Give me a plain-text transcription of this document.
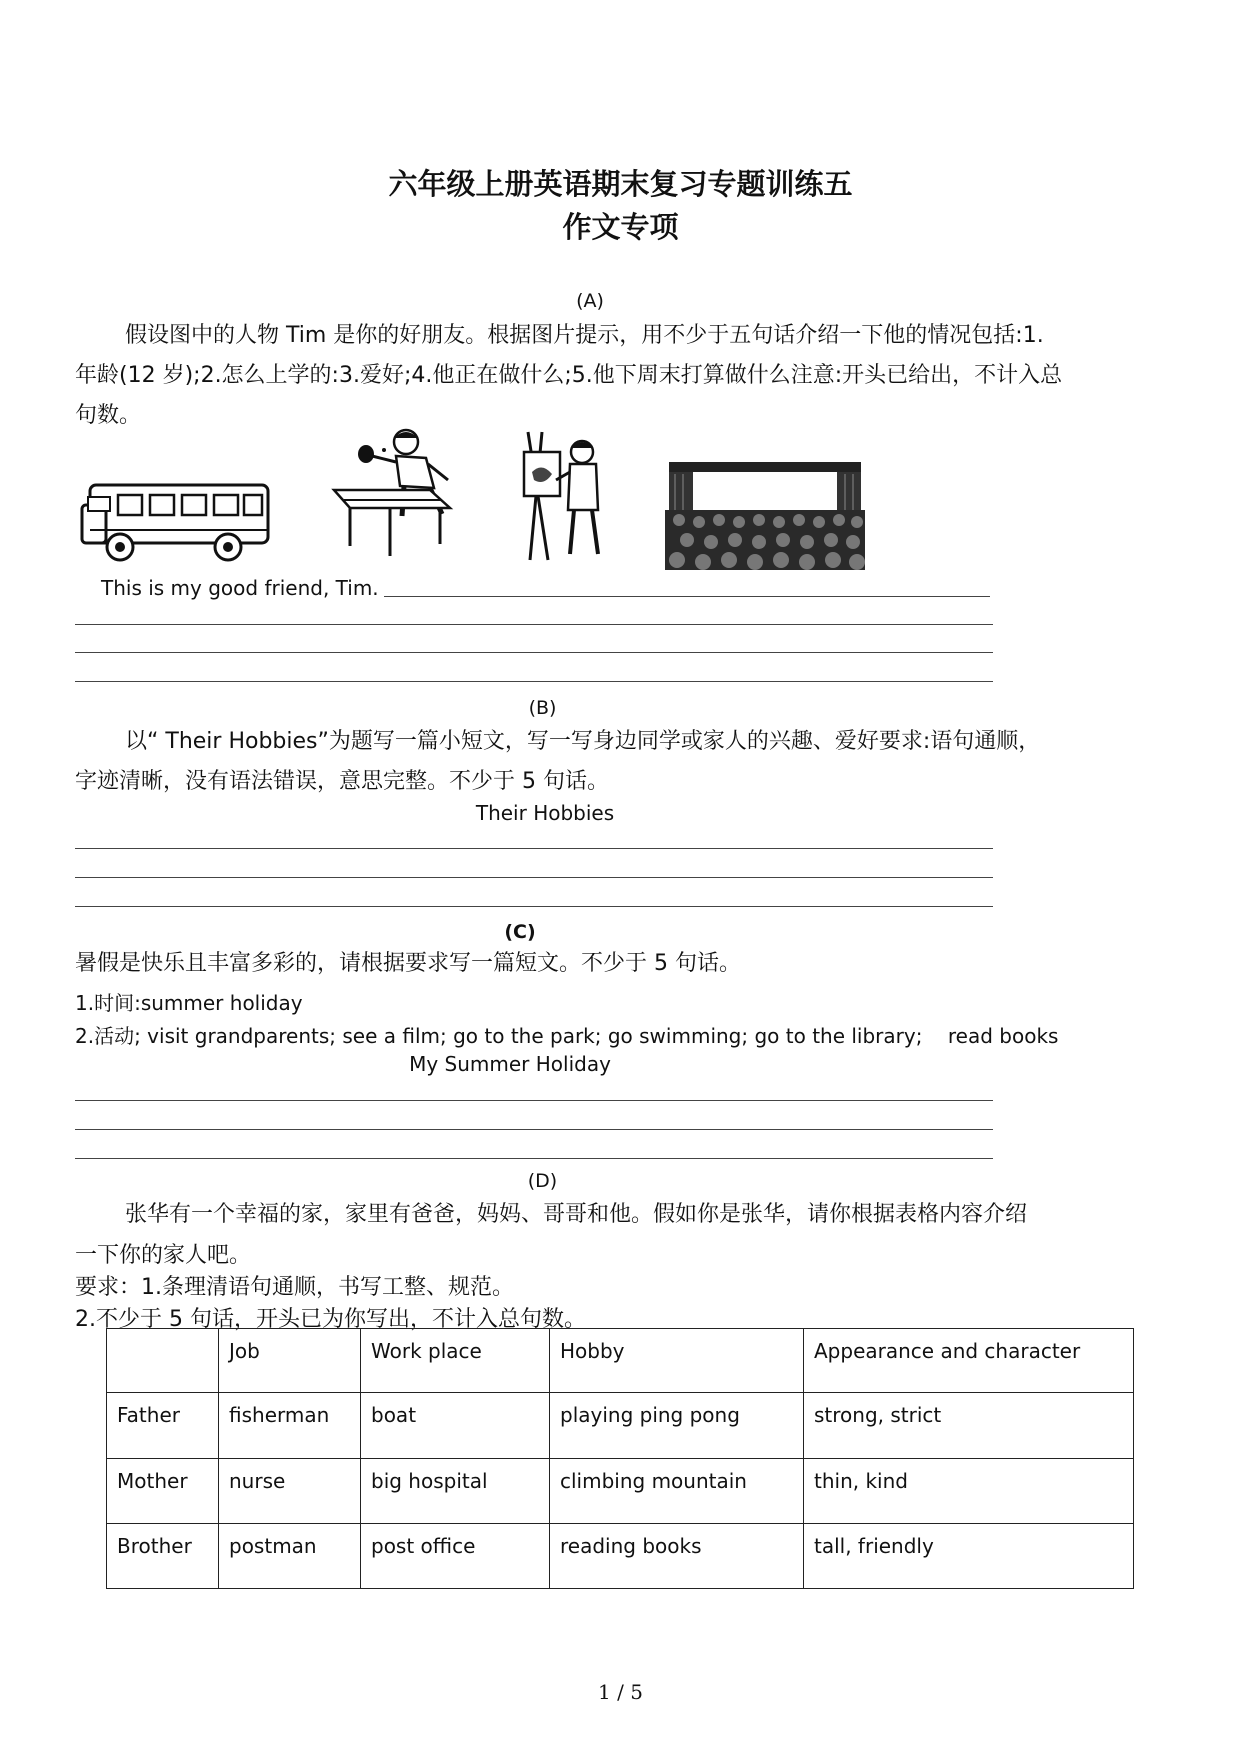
六年级上册英语期末复习专题训练五
作文专项
(A)
假设图中的人物 Tim 是你的好朋友。根据图片提示，用不少于五句话介绍一下他的情况包括:1.
年龄(12 岁);2.怎么上学的:3.爱好;4.他正在做什么;5.他下周末打算做什么注意:开头已给出，不计入总
句数。
This is my good friend, Tim.
(B)
以“ Their Hobbies”为题写一篇小短文，写一写身边同学或家人的兴趣、爱好要求:语句通顺，
字迹清晰，没有语法错误，意思完整。不少于 5 句话。
Their Hobbies
(C)
暑假是快乐且丰富多彩的，请根据要求写一篇短文。不少于 5 句话。
1.时间:summer holiday
2.活动; visit grandparents; see a film; go to the park; go swimming; go to the library;    read books
My Summer Holiday
(D)
张华有一个幸福的家，家里有爸爸，妈妈、哥哥和他。假如你是张华，请你根据表格内容介绍
一下你的家人吧。
要求：1.条理清语句通顺，书写工整、规范。
2.不少于 5 句话，开头已为你写出，不计入总句数。
	Job	Work place	Hobby	Appearance and character
Father	fisherman	boat	playing ping pong	strong, strict
Mother	nurse	big hospital	climbing mountain	thin, kind
Brother	postman	post office	reading books	tall, friendly
1 / 5
